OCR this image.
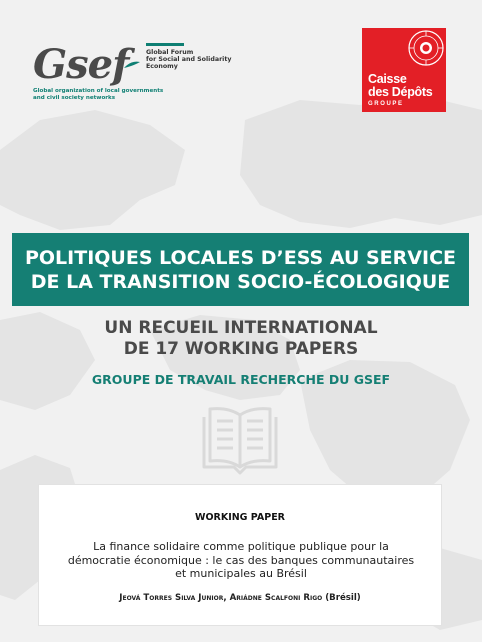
Gsef	Global Forum
for Social and Solidarity
Economy
Global organization of local governments
and civil society networks
Caisse
des Dépôts
GROUPE
POLITIQUES LOCALES D’ESS AU SERVICE
DE LA TRANSITION SOCIO-ÉCOLOGIQUE
UN RECUEIL INTERNATIONAL
DE 17 WORKING PAPERS
GROUPE DE TRAVAIL RECHERCHE DU GSEF
WORKING PAPER
La finance solidaire comme politique publique pour la
démocratie économique : le cas des banques communautaires
et municipales au Brésil
Jeová Torres Silva Junior, Ariádne Scalfoni Rigo (Brésil)
